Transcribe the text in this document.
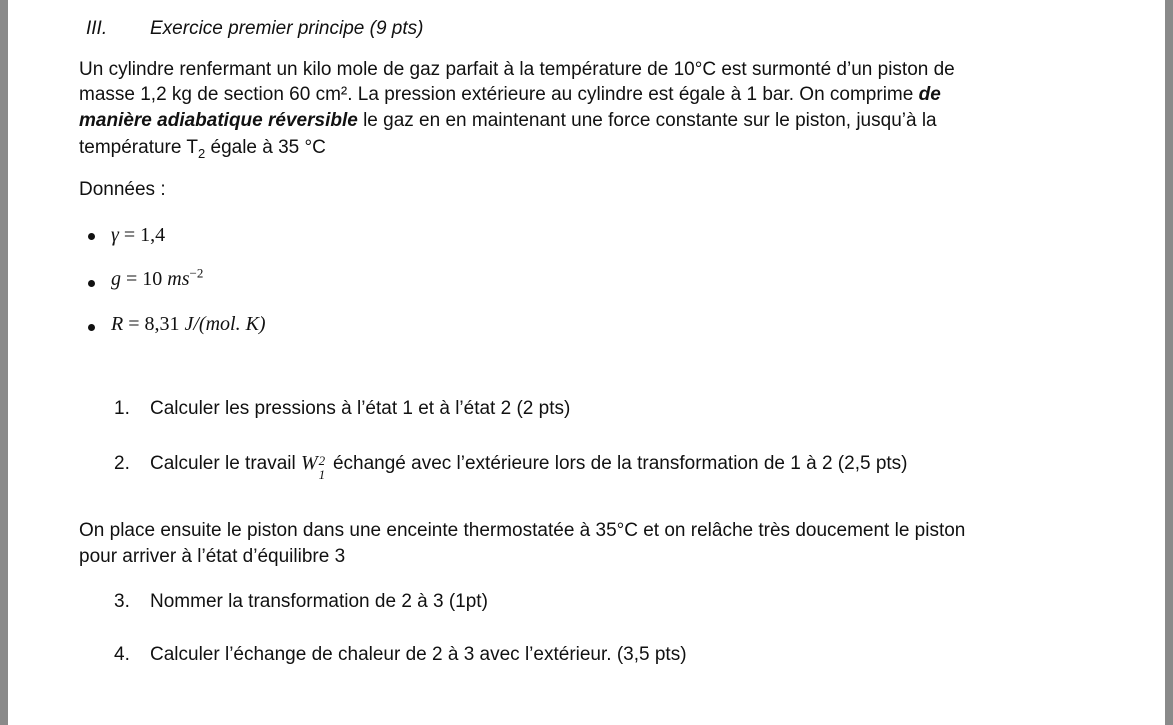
III. Exercice premier principe (9 pts)
Un cylindre renfermant un kilo mole de gaz parfait à la température de 10°C est surmonté d’un piston de
masse 1,2 kg de section 60 cm². La pression extérieure au cylindre est égale à 1 bar. On comprime de
manière adiabatique réversible le gaz en en maintenant une force constante sur le piston, jusqu’à la
température $T_2$ égale à 35 °C
Données :
γ = 1,4
g = 10 $ms^{-2}$
R = 8,31 J/(mol. K)
1. Calculer les pressions à l’état 1 et à l’état 2 (2 pts)
2. Calculer le travail W 2
1
échangé avec l’extérieure lors de la transformation de 1 à 2 (2,5 pts)
On place ensuite le piston dans une enceinte thermostatée à 35°C et on relâche très doucement le piston
pour arriver à l’état d’équilibre 3
3. Nommer la transformation de 2 à 3 (1pt)
4. Calculer l’échange de chaleur de 2 à 3 avec l’extérieur. (3,5 pts)
